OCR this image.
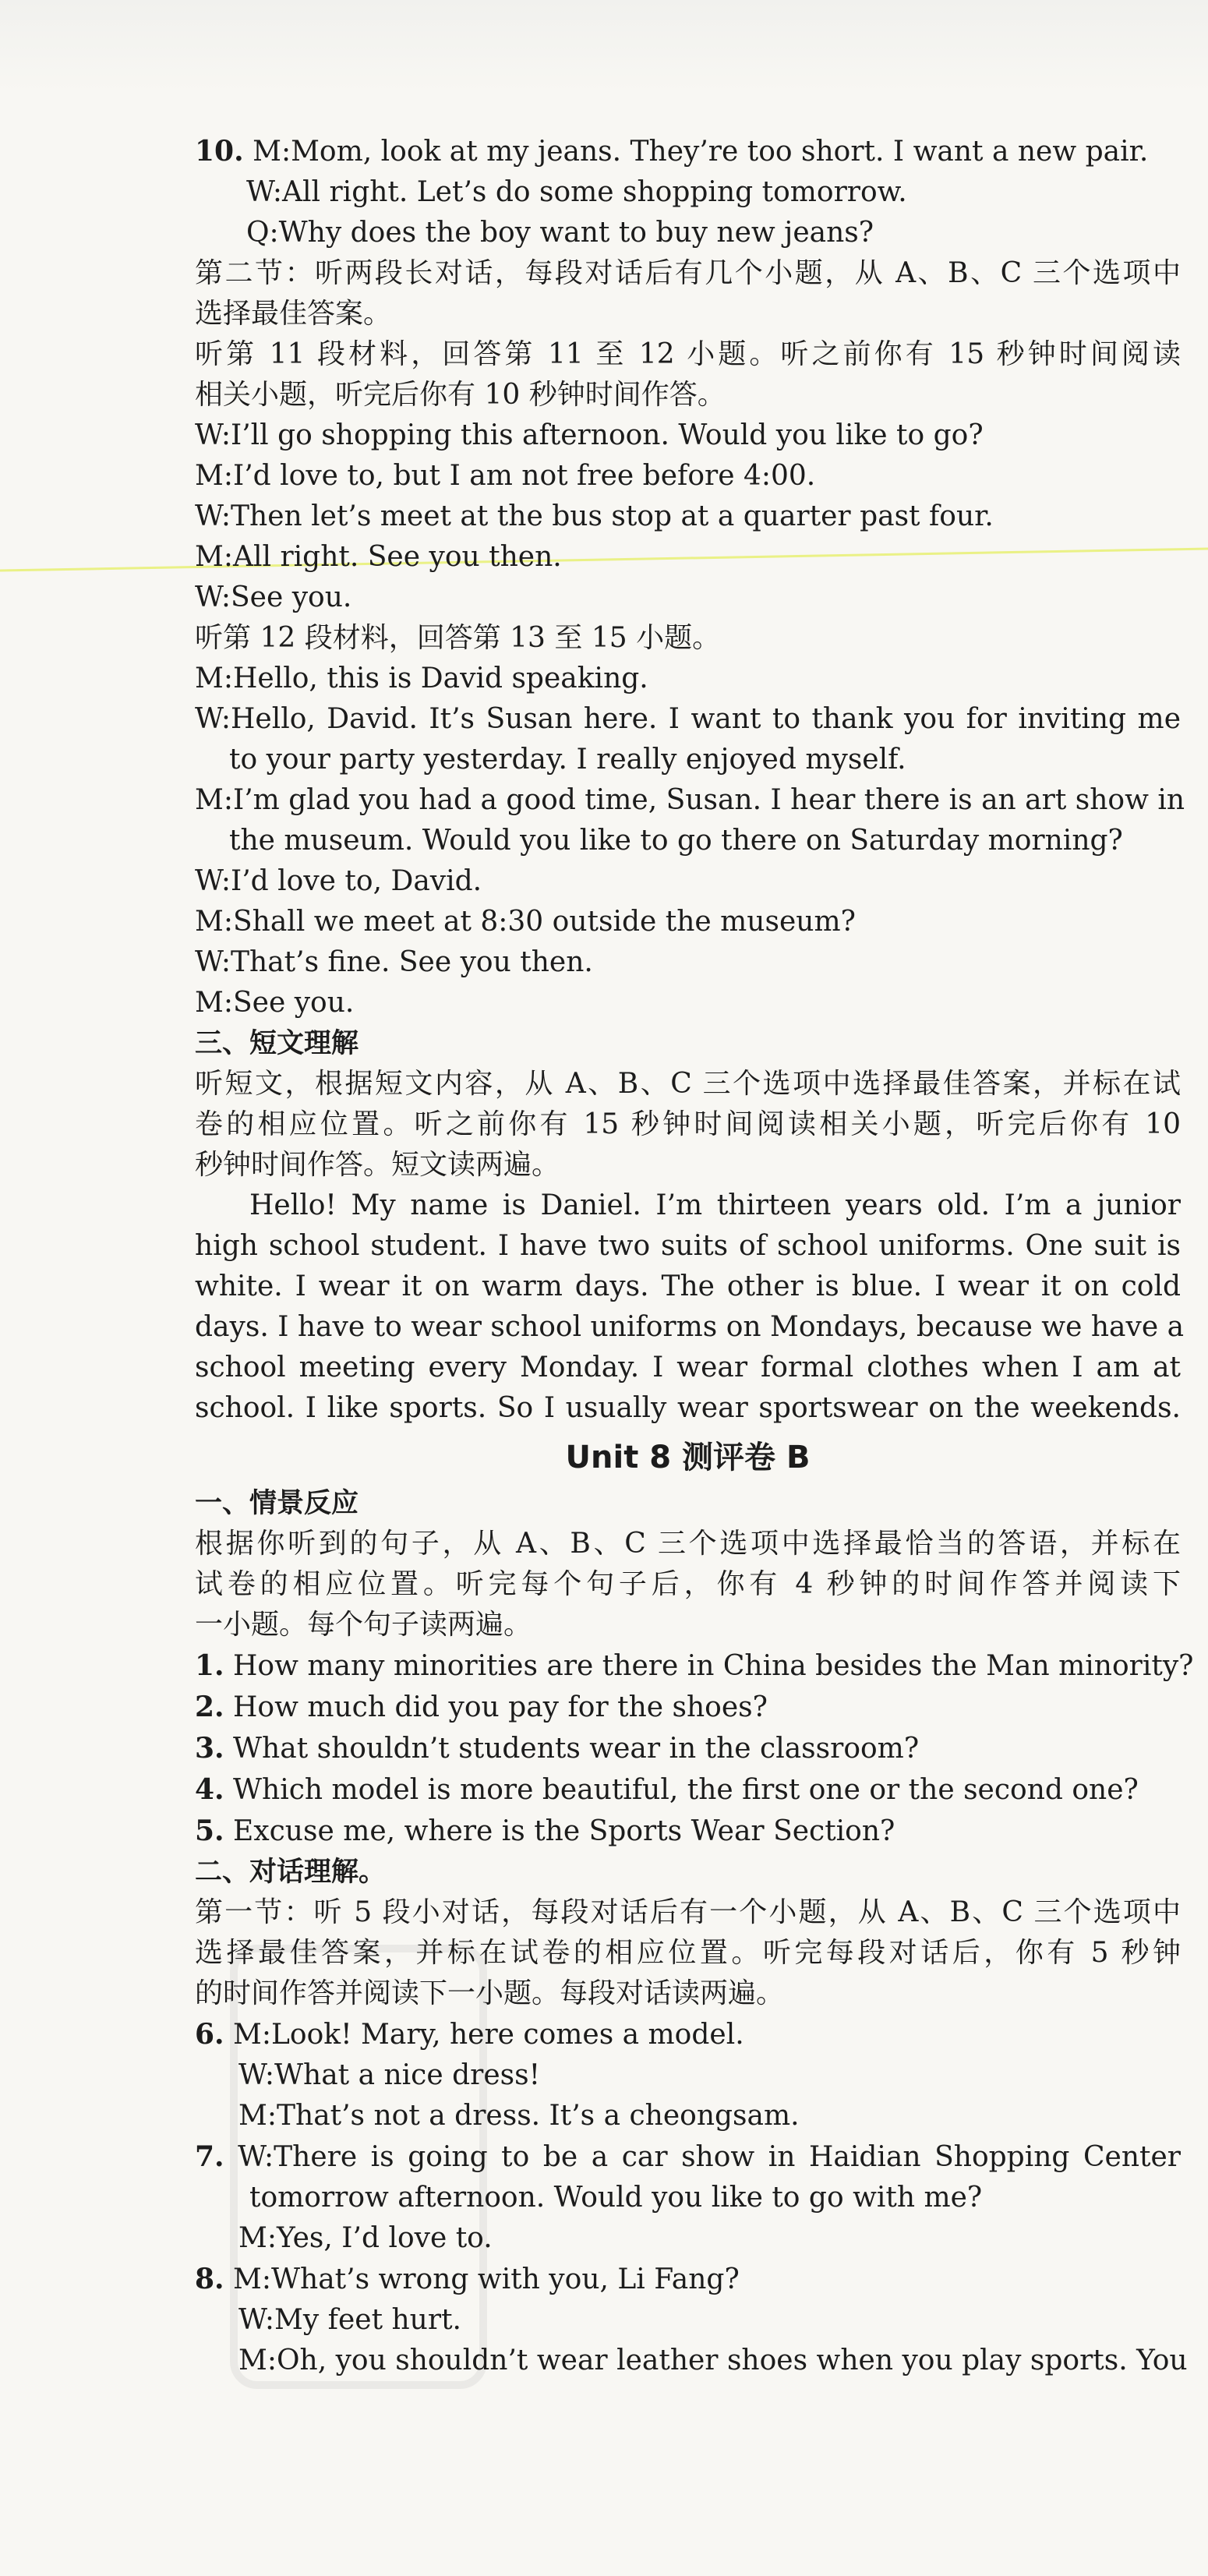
10. M:Mom, look at my jeans. They’re too short. I want a new pair.
W:All right. Let’s do some shopping tomorrow.
Q:Why does the boy want to buy new jeans?
第二节：听两段长对话，每段对话后有几个小题，从 A、B、C 三个选项中
选择最佳答案。
听第 11 段材料，回答第 11 至 12 小题。听之前你有 15 秒钟时间阅读
相关小题，听完后你有 10 秒钟时间作答。
W:I’ll go shopping this afternoon. Would you like to go?
M:I’d love to, but I am not free before 4:00.
W:Then let’s meet at the bus stop at a quarter past four.
M:All right. See you then.
W:See you.
听第 12 段材料，回答第 13 至 15 小题。
M:Hello, this is David speaking.
W:Hello, David. It’s Susan here. I want to thank you for inviting me
to your party yesterday. I really enjoyed myself.
M:I’m glad you had a good time, Susan. I hear there is an art show in
the museum. Would you like to go there on Saturday morning?
W:I’d love to, David.
M:Shall we meet at 8:30 outside the museum?
W:That’s fine. See you then.
M:See you.
三、短文理解
听短文，根据短文内容，从 A、B、C 三个选项中选择最佳答案，并标在试
卷的相应位置。听之前你有 15 秒钟时间阅读相关小题，听完后你有 10
秒钟时间作答。短文读两遍。
Hello! My name is Daniel. I’m thirteen years old. I’m a junior
high school student. I have two suits of school uniforms. One suit is
white. I wear it on warm days. The other is blue. I wear it on cold
days. I have to wear school uniforms on Mondays, because we have a
school meeting every Monday. I wear formal clothes when I am at
school. I like sports. So I usually wear sportswear on the weekends.
Unit 8 测评卷 B
一、情景反应
根据你听到的句子，从 A、B、C 三个选项中选择最恰当的答语，并标在
试卷的相应位置。听完每个句子后，你有 4 秒钟的时间作答并阅读下
一小题。每个句子读两遍。
1. How many minorities are there in China besides the Man minority?
2. How much did you pay for the shoes?
3. What shouldn’t students wear in the classroom?
4. Which model is more beautiful, the first one or the second one?
5. Excuse me, where is the Sports Wear Section?
二、对话理解。
第一节：听 5 段小对话，每段对话后有一个小题，从 A、B、C 三个选项中
选择最佳答案，并标在试卷的相应位置。听完每段对话后，你有 5 秒钟
的时间作答并阅读下一小题。每段对话读两遍。
6. M:Look! Mary, here comes a model.
W:What a nice dress!
M:That’s not a dress. It’s a cheongsam.
7. W:There is going to be a car show in Haidian Shopping Center
tomorrow afternoon. Would you like to go with me?
M:Yes, I’d love to.
8. M:What’s wrong with you, Li Fang?
W:My feet hurt.
M:Oh, you shouldn’t wear leather shoes when you play sports. You
